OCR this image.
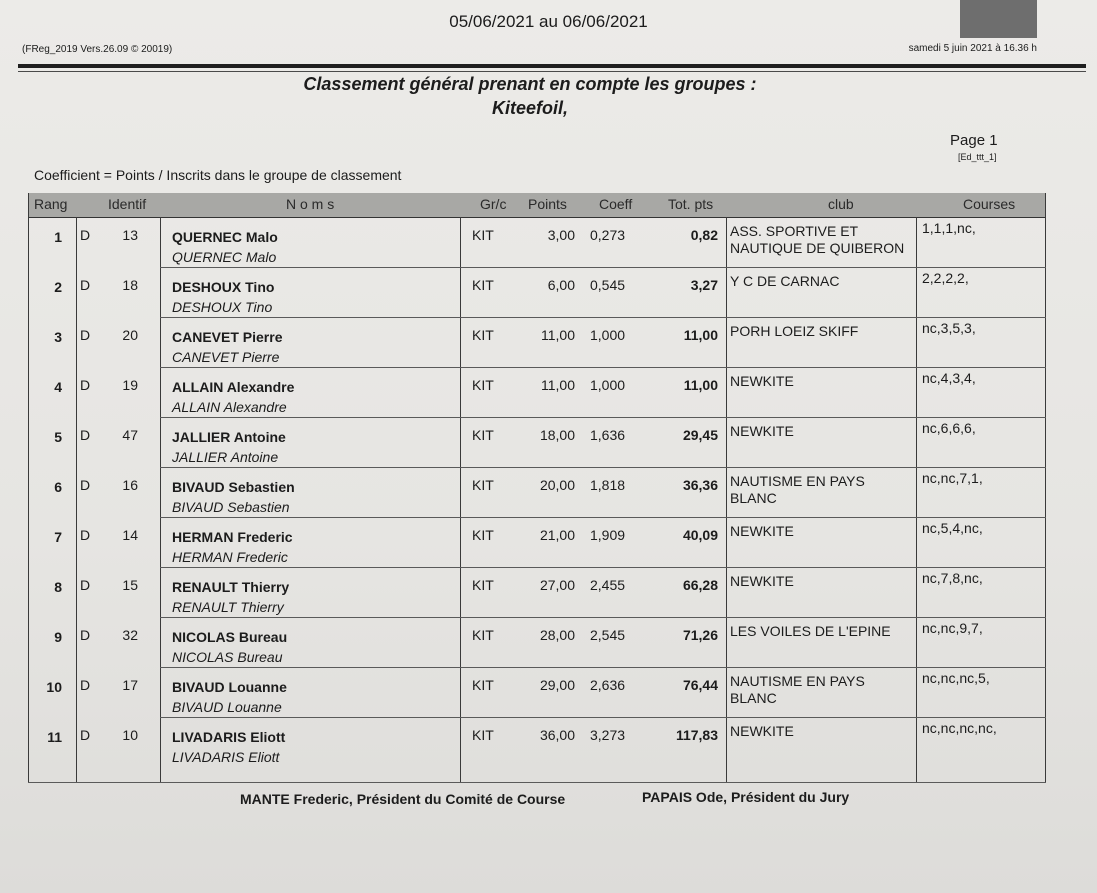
05/06/2021 au 06/06/2021
(FReg_2019 Vers.26.09 © 20019)	samedi 5 juin 2021 à 16.36 h
Classement général prenant en compte les groupes :
Kiteefoil,
Page 1
[Ed_ttt_1]
Coefficient = Points / Inscrits dans le groupe de classement
Rang	Identif	N o m s	Gr/c Points Coeff	Tot. pts	club	Courses
1 D	13 QUERNEC Malo
QUERNEC Malo
KIT	3,00 0,273	0,82 ASS. SPORTIVE ET NAUTIQUE DE QUIBERON
1,1,1,nc,
2 D	18 DESHOUX Tino
DESHOUX Tino
KIT	6,00 0,545	3,27 Y C DE CARNAC	2,2,2,2,
3 D	20 CANEVET Pierre
CANEVET Pierre
KIT	11,00 1,000	11,00 PORH LOEIZ SKIFF	nc,3,5,3,
4 D	19 ALLAIN Alexandre
ALLAIN Alexandre
KIT	11,00 1,000	11,00 NEWKITE	nc,4,3,4,
5 D	47 JALLIER Antoine
JALLIER Antoine
KIT	18,00 1,636	29,45 NEWKITE	nc,6,6,6,
6 D	16 BIVAUD Sebastien
BIVAUD Sebastien
KIT	20,00 1,818	36,36 NAUTISME EN PAYS BLANC
nc,nc,7,1,
7 D	14 HERMAN Frederic
HERMAN Frederic
KIT	21,00 1,909	40,09 NEWKITE	nc,5,4,nc,
8 D	15 RENAULT Thierry
RENAULT Thierry
KIT	27,00 2,455	66,28 NEWKITE	nc,7,8,nc,
9 D	32 NICOLAS Bureau
NICOLAS Bureau
KIT	28,00 2,545	71,26 LES VOILES DE L'EPINE	nc,nc,9,7,
10 D	17 BIVAUD Louanne
BIVAUD Louanne
KIT	29,00 2,636	76,44 NAUTISME EN PAYS BLANC
nc,nc,nc,5,
11 D	10 LIVADARIS Eliott
LIVADARIS Eliott
KIT	36,00 3,273	117,83 NEWKITE	nc,nc,nc,nc,
MANTE Frederic, Président du Comité de Course	PAPAIS Ode, Président du Jury
